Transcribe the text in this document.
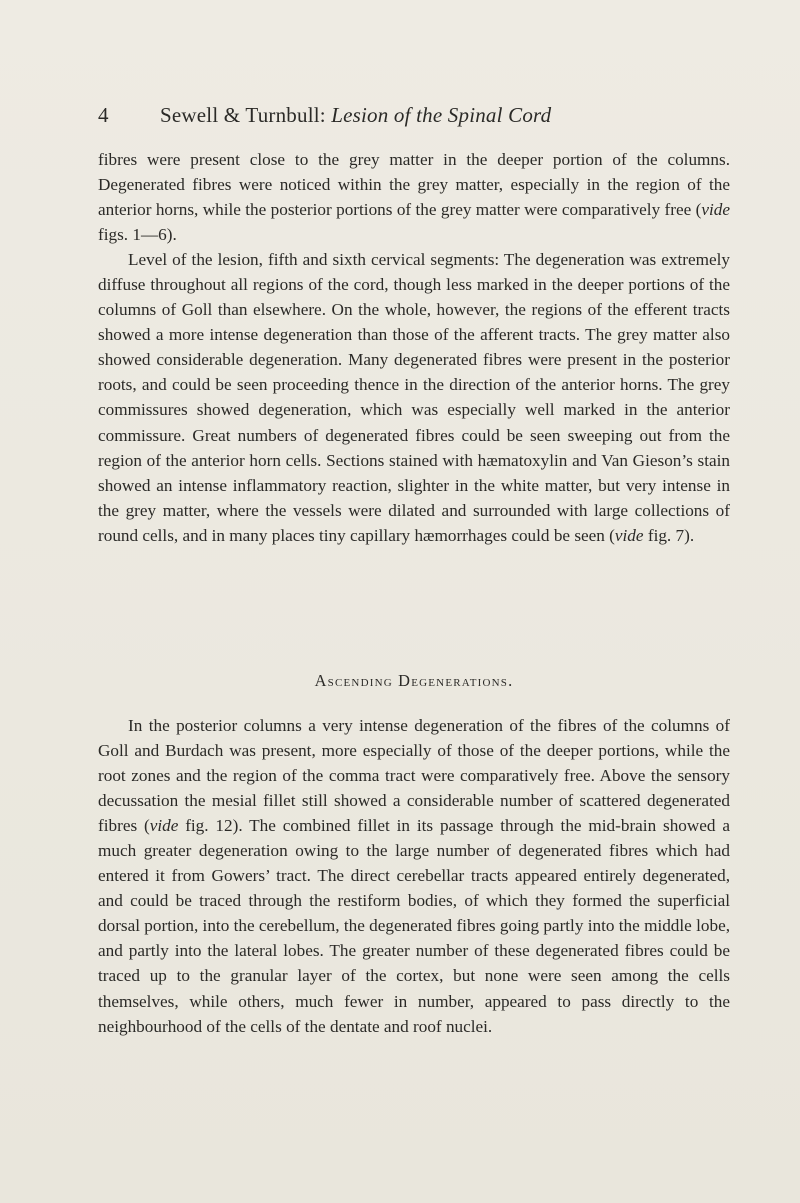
4 Sewell & Turnbull: Lesion of the Spinal Cord

fibres were present close to the grey matter in the deeper portion of the columns. Degenerated fibres were noticed within the grey matter, especially in the region of the anterior horns, while the posterior portions of the grey matter were comparatively free (vide figs. 1—6).

Level of the lesion, fifth and sixth cervical segments: The degeneration was extremely diffuse throughout all regions of the cord, though less marked in the deeper portions of the columns of Goll than elsewhere. On the whole, however, the regions of the efferent tracts showed a more intense degeneration than those of the afferent tracts. The grey matter also showed considerable degeneration. Many degenerated fibres were present in the posterior roots, and could be seen proceeding thence in the direction of the anterior horns. The grey commissures showed degeneration, which was especially well marked in the anterior commissure. Great numbers of degenerated fibres could be seen sweeping out from the region of the anterior horn cells. Sections stained with hæmatoxylin and Van Gieson’s stain showed an intense inflammatory reaction, slighter in the white matter, but very intense in the grey matter, where the vessels were dilated and surrounded with large collections of round cells, and in many places tiny capillary hæmorrhages could be seen (vide fig. 7).

Ascending Degenerations.

In the posterior columns a very intense degeneration of the fibres of the columns of Goll and Burdach was present, more especially of those of the deeper portions, while the root zones and the region of the comma tract were comparatively free. Above the sensory decussation the mesial fillet still showed a considerable number of scattered degenerated fibres (vide fig. 12). The combined fillet in its passage through the mid-brain showed a much greater degeneration owing to the large number of degenerated fibres which had entered it from Gowers’ tract. The direct cerebellar tracts appeared entirely degenerated, and could be traced through the restiform bodies, of which they formed the superficial dorsal portion, into the cerebellum, the degenerated fibres going partly into the middle lobe, and partly into the lateral lobes. The greater number of these degenerated fibres could be traced up to the granular layer of the cortex, but none were seen among the cells themselves, while others, much fewer in number, appeared to pass directly to the neighbourhood of the cells of the dentate and roof nuclei.
